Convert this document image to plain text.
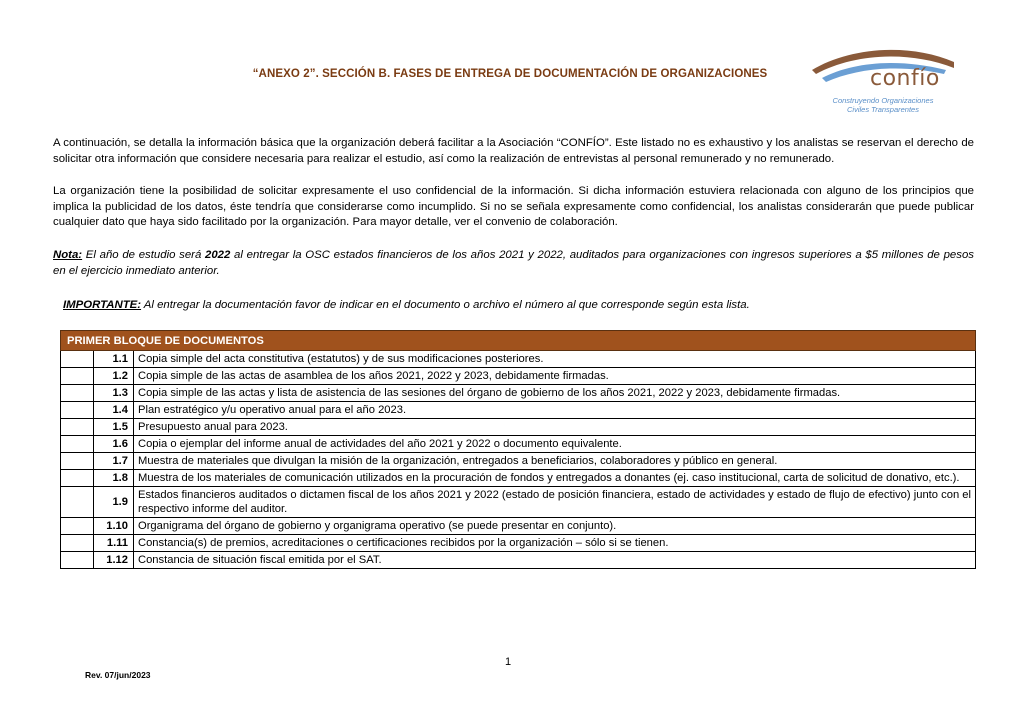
“ANEXO 2”. SECCIÓN B. FASES DE ENTREGA DE DOCUMENTACIÓN DE ORGANIZACIONES	confío
Construyendo Organizaciones
Civiles Transparentes
A continuación, se detalla la información básica que la organización deberá facilitar a la Asociación “CONFÍO”. Este listado no es exhaustivo y los analistas se reservan el derecho de solicitar otra información que considere necesaria para realizar el estudio, así como la realización de entrevistas al personal remunerado y no remunerado.
La organización tiene la posibilidad de solicitar expresamente el uso confidencial de la información. Si dicha información estuviera relacionada con alguno de los principios que implica la publicidad de los datos, éste tendría que considerarse como incumplido. Si no se señala expresamente como confidencial, los analistas considerarán que puede publicar cualquier dato que haya sido facilitado por la organización. Para mayor detalle, ver el convenio de colaboración.
Nota: El año de estudio será 2022 al entregar la OSC estados financieros de los años 2021 y 2022, auditados para organizaciones con ingresos superiores a $5 millones de pesos en el ejercicio inmediato anterior.
IMPORTANTE: Al entregar la documentación favor de indicar en el documento o archivo el número al que corresponde según esta lista.
PRIMER BLOQUE DE DOCUMENTOS		
	1.1	Copia simple del acta constitutiva (estatutos) y de sus modificaciones posteriores.
	1.2	Copia simple de las actas de asamblea de los años 2021, 2022 y 2023, debidamente firmadas.
	1.3	Copia simple de las actas y lista de asistencia de las sesiones del órgano de gobierno de los años 2021, 2022 y 2023, debidamente firmadas.
	1.4	Plan estratégico y/u operativo anual para el año 2023.
	1.5	Presupuesto anual para 2023.
	1.6	Copia o ejemplar del informe anual de actividades del año 2021 y 2022 o documento equivalente.
	1.7	Muestra de materiales que divulgan la misión de la organización, entregados a beneficiarios, colaboradores y público en general.
	1.8	Muestra de los materiales de comunicación utilizados en la procuración de fondos y entregados a donantes (ej. caso institucional, carta de solicitud de donativo, etc.).
	1.9	Estados financieros auditados o dictamen fiscal de los años 2021 y 2022 (estado de posición financiera, estado de actividades y estado de flujo de efectivo) junto con el respectivo informe del auditor.
	1.10	Organigrama del órgano de gobierno y organigrama operativo (se puede presentar en conjunto).
	1.11	Constancia(s) de premios, acreditaciones o certificaciones recibidos por la organización – sólo si se tienen.
	1.12	Constancia de situación fiscal emitida por el SAT.
1
Rev. 07/jun/2023
